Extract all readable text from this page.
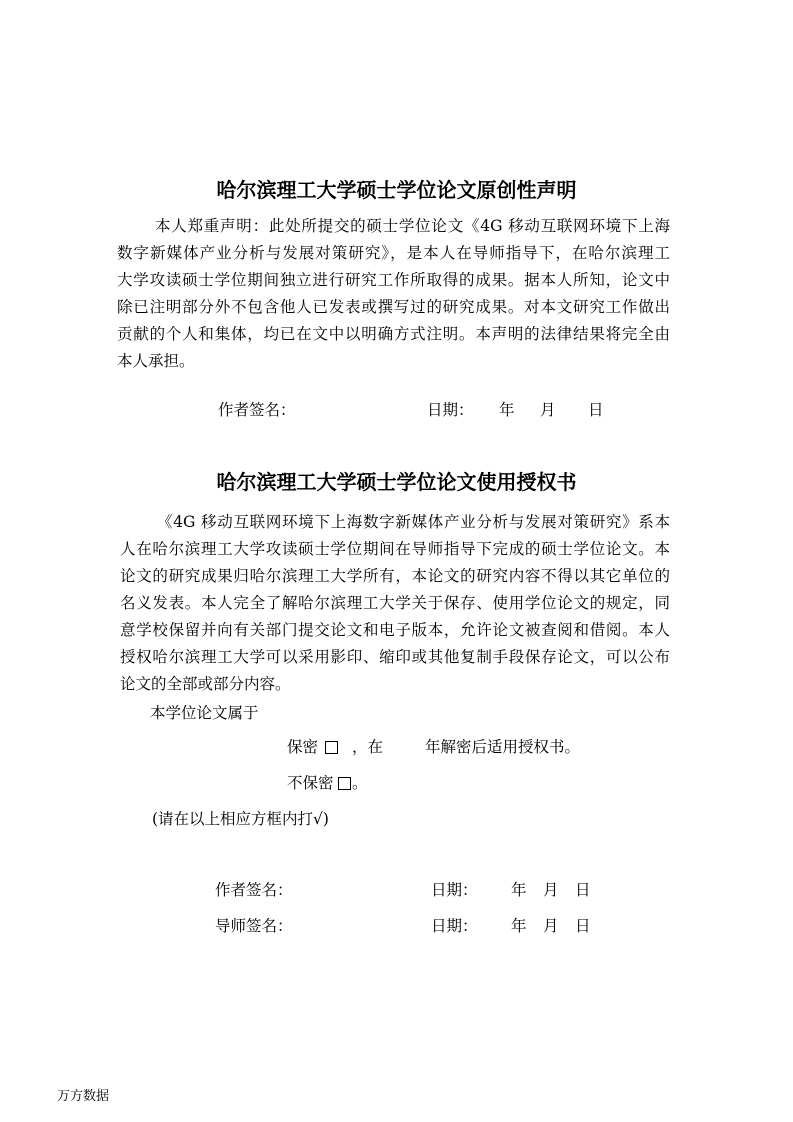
哈尔滨理工大学硕士学位论文原创性声明
本人郑重声明：此处所提交的硕士学位论文《4G 移动互联网环境下上海
数字新媒体产业分析与发展对策研究》，是本人在导师指导下，在哈尔滨理工
大学攻读硕士学位期间独立进行研究工作所取得的成果。据本人所知，论文中
除已注明部分外不包含他人已发表或撰写过的研究成果。对本文研究工作做出
贡献的个人和集体，均已在文中以明确方式注明。本声明的法律结果将完全由
本人承担。
作者签名：	日期： 年 月 日
哈尔滨理工大学硕士学位论文使用授权书
《4G 移动互联网环境下上海数字新媒体产业分析与发展对策研究》系本
人在哈尔滨理工大学攻读硕士学位期间在导师指导下完成的硕士学位论文。本
论文的研究成果归哈尔滨理工大学所有，本论文的研究内容不得以其它单位的
名义发表。本人完全了解哈尔滨理工大学关于保存、使用学位论文的规定，同
意学校保留并向有关部门提交论文和电子版本，允许论文被查阅和借阅。本人
授权哈尔滨理工大学可以采用影印、缩印或其他复制手段保存论文，可以公布
论文的全部或部分内容。
本学位论文属于
保密 ，在	年解密后适用授权书。
不保密 。
(请在以上相应方框内打√)
作者签名：	日期： 年 月 日
导师签名：	日期： 年 月 日
万方数据
